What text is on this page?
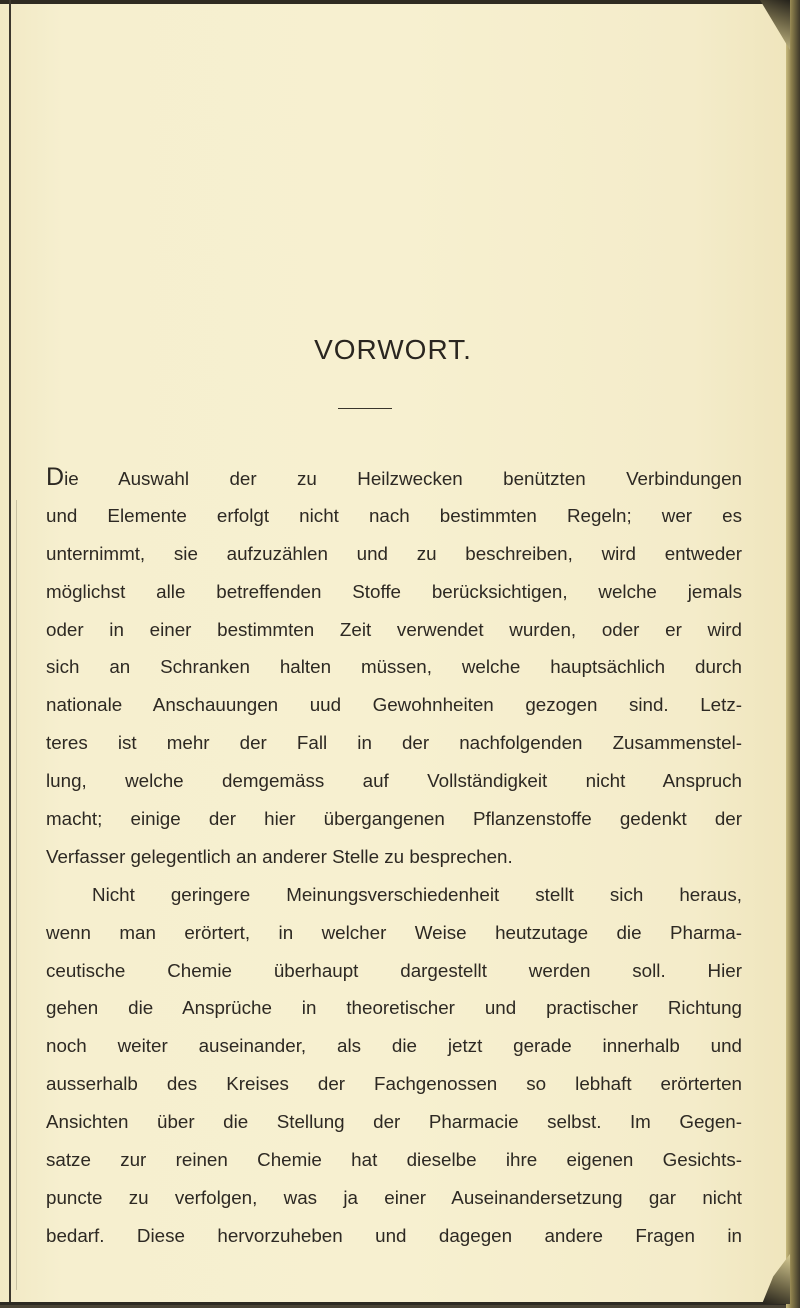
VORWORT.
Die Auswahl der zu Heilzwecken benützten Verbindungen
und Elemente erfolgt nicht nach bestimmten Regeln; wer es
unternimmt, sie aufzuzählen und zu beschreiben, wird entweder
möglichst alle betreffenden Stoffe berücksichtigen, welche jemals
oder in einer bestimmten Zeit verwendet wurden, oder er wird
sich an Schranken halten müssen, welche hauptsächlich durch
nationale Anschauungen uud Gewohnheiten gezogen sind. Letz-
teres ist mehr der Fall in der nachfolgenden Zusammenstel-
lung, welche demgemäss auf Vollständigkeit nicht Anspruch
macht; einige der hier übergangenen Pflanzenstoffe gedenkt der
Verfasser gelegentlich an anderer Stelle zu besprechen.
Nicht geringere Meinungsverschiedenheit stellt sich heraus,
wenn man erörtert, in welcher Weise heutzutage die Pharma-
ceutische Chemie überhaupt dargestellt werden soll. Hier
gehen die Ansprüche in theoretischer und practischer Richtung
noch weiter auseinander, als die jetzt gerade innerhalb und
ausserhalb des Kreises der Fachgenossen so lebhaft erörterten
Ansichten über die Stellung der Pharmacie selbst. Im Gegen-
satze zur reinen Chemie hat dieselbe ihre eigenen Gesichts-
puncte zu verfolgen, was ja einer Auseinandersetzung gar nicht
bedarf. Diese hervorzuheben und dagegen andere Fragen in
